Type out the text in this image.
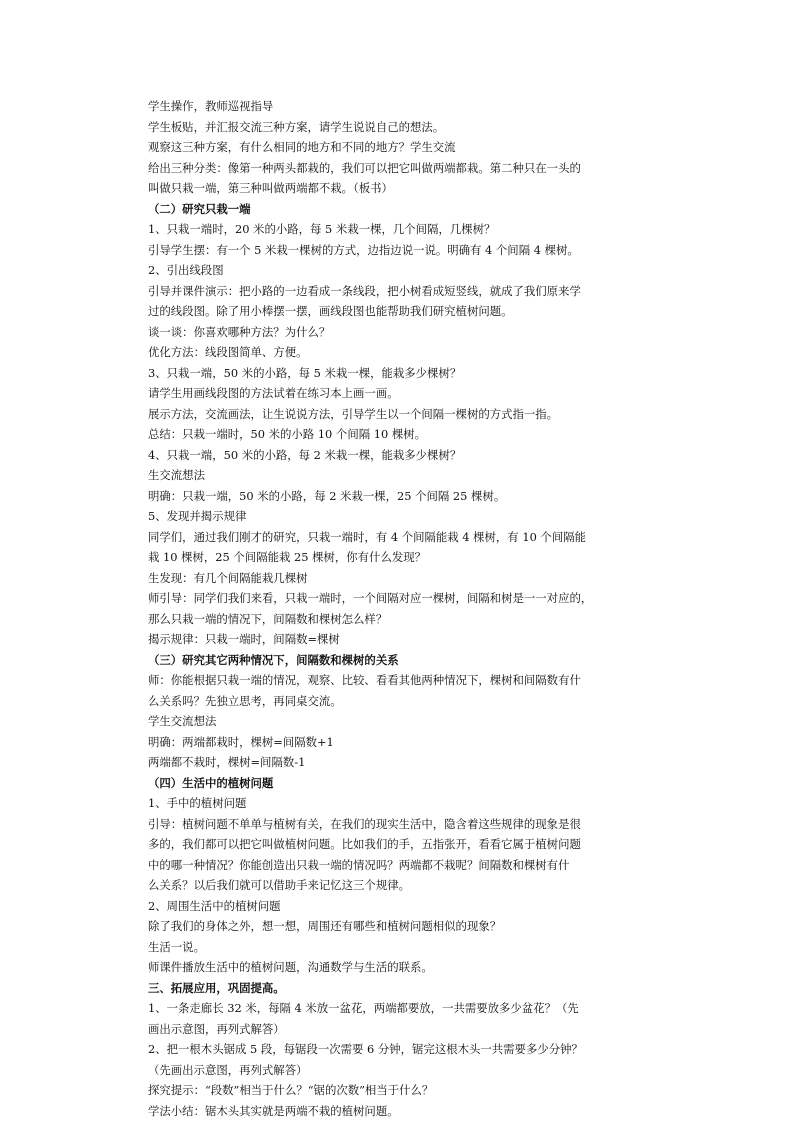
学生操作，教师巡视指导
学生板贴，并汇报交流三种方案，请学生说说自己的想法。
观察这三种方案，有什么相同的地方和不同的地方？学生交流
给出三种分类：像第一种两头都栽的，我们可以把它叫做两端都栽。第二种只在一头的
叫做只栽一端，第三种叫做两端都不栽。（板书）
（二）研究只栽一端
1、只栽一端时，20 米的小路，每 5 米栽一棵，几个间隔，几棵树？
引导学生摆：有一个 5 米栽一棵树的方式，边指边说一说。明确有 4 个间隔 4 棵树。
2、引出线段图
引导并课件演示：把小路的一边看成一条线段，把小树看成短竖线，就成了我们原来学
过的线段图。除了用小棒摆一摆，画线段图也能帮助我们研究植树问题。
谈一谈：你喜欢哪种方法？为什么？
优化方法：线段图简单、方便。
3、只栽一端，50 米的小路，每 5 米栽一棵，能栽多少棵树？
请学生用画线段图的方法试着在练习本上画一画。
展示方法，交流画法，让生说说方法，引导学生以一个间隔一棵树的方式指一指。
总结：只栽一端时，50 米的小路 10 个间隔 10 棵树。
4、只栽一端，50 米的小路，每 2 米栽一棵，能栽多少棵树？
生交流想法
明确：只栽一端，50 米的小路，每 2 米栽一棵，25 个间隔 25 棵树。
5、发现并揭示规律
同学们，通过我们刚才的研究，只栽一端时，有 4 个间隔能栽 4 棵树，有 10 个间隔能
栽 10 棵树，25 个间隔能栽 25 棵树，你有什么发现？
生发现：有几个间隔能栽几棵树
师引导：同学们我们来看，只栽一端时，一个间隔对应一棵树，间隔和树是一一对应的，
那么只栽一端的情况下，间隔数和棵树怎么样？
揭示规律：只栽一端时，间隔数=棵树
（三）研究其它两种情况下，间隔数和棵树的关系
师：你能根据只栽一端的情况，观察、比较、看看其他两种情况下，棵树和间隔数有什
么关系吗？先独立思考，再同桌交流。
学生交流想法
明确：两端都栽时，棵树=间隔数+1
两端都不栽时，棵树=间隔数-1
（四）生活中的植树问题
1、手中的植树问题
引导：植树问题不单单与植树有关，在我们的现实生活中，隐含着这些规律的现象是很
多的，我们都可以把它叫做植树问题。比如我们的手，五指张开，看看它属于植树问题
中的哪一种情况？你能创造出只栽一端的情况吗？两端都不栽呢？间隔数和棵树有什
么关系？以后我们就可以借助手来记忆这三个规律。
2、周围生活中的植树问题
除了我们的身体之外，想一想，周围还有哪些和植树问题相似的现象？
生活一说。
师课件播放生活中的植树问题，沟通数学与生活的联系。
三、拓展应用，巩固提高。
1、一条走廊长 32 米，每隔 4 米放一盆花，两端都要放，一共需要放多少盆花？（先
画出示意图，再列式解答）
2、把一根木头锯成 5 段，每锯段一次需要 6 分钟，锯完这根木头一共需要多少分钟？
（先画出示意图，再列式解答）
探究提示：“段数”相当于什么？“锯的次数”相当于什么？
学法小结：锯木头其实就是两端不栽的植树问题。
